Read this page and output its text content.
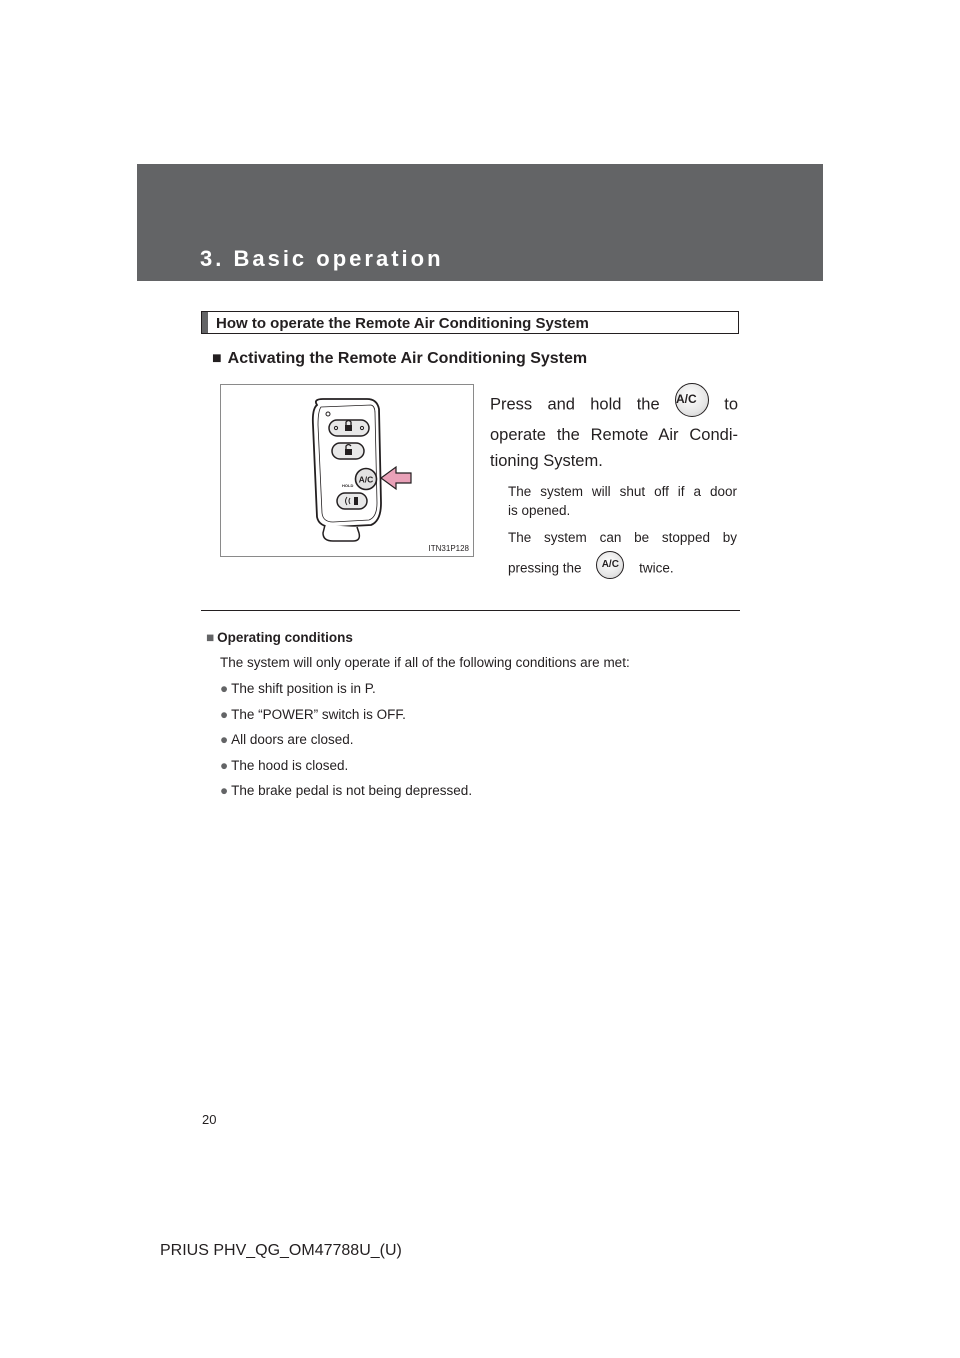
3. Basic operation
How to operate the Remote Air Conditioning System
■ Activating the Remote Air Conditioning System
A/C
HOLD
ITN31P128
Press and hold the A/C to
operate the Remote Air Condi-
tioning System.
The system will shut off if a door
is opened.
The system can be stopped by
pressing the A/C twice.
■ Operating conditions
The system will only operate if all of the following conditions are met:
● The shift position is in P.
● The “POWER” switch is OFF.
● All doors are closed.
● The hood is closed.
● The brake pedal is not being depressed.
20
PRIUS PHV_QG_OM47788U_(U)
